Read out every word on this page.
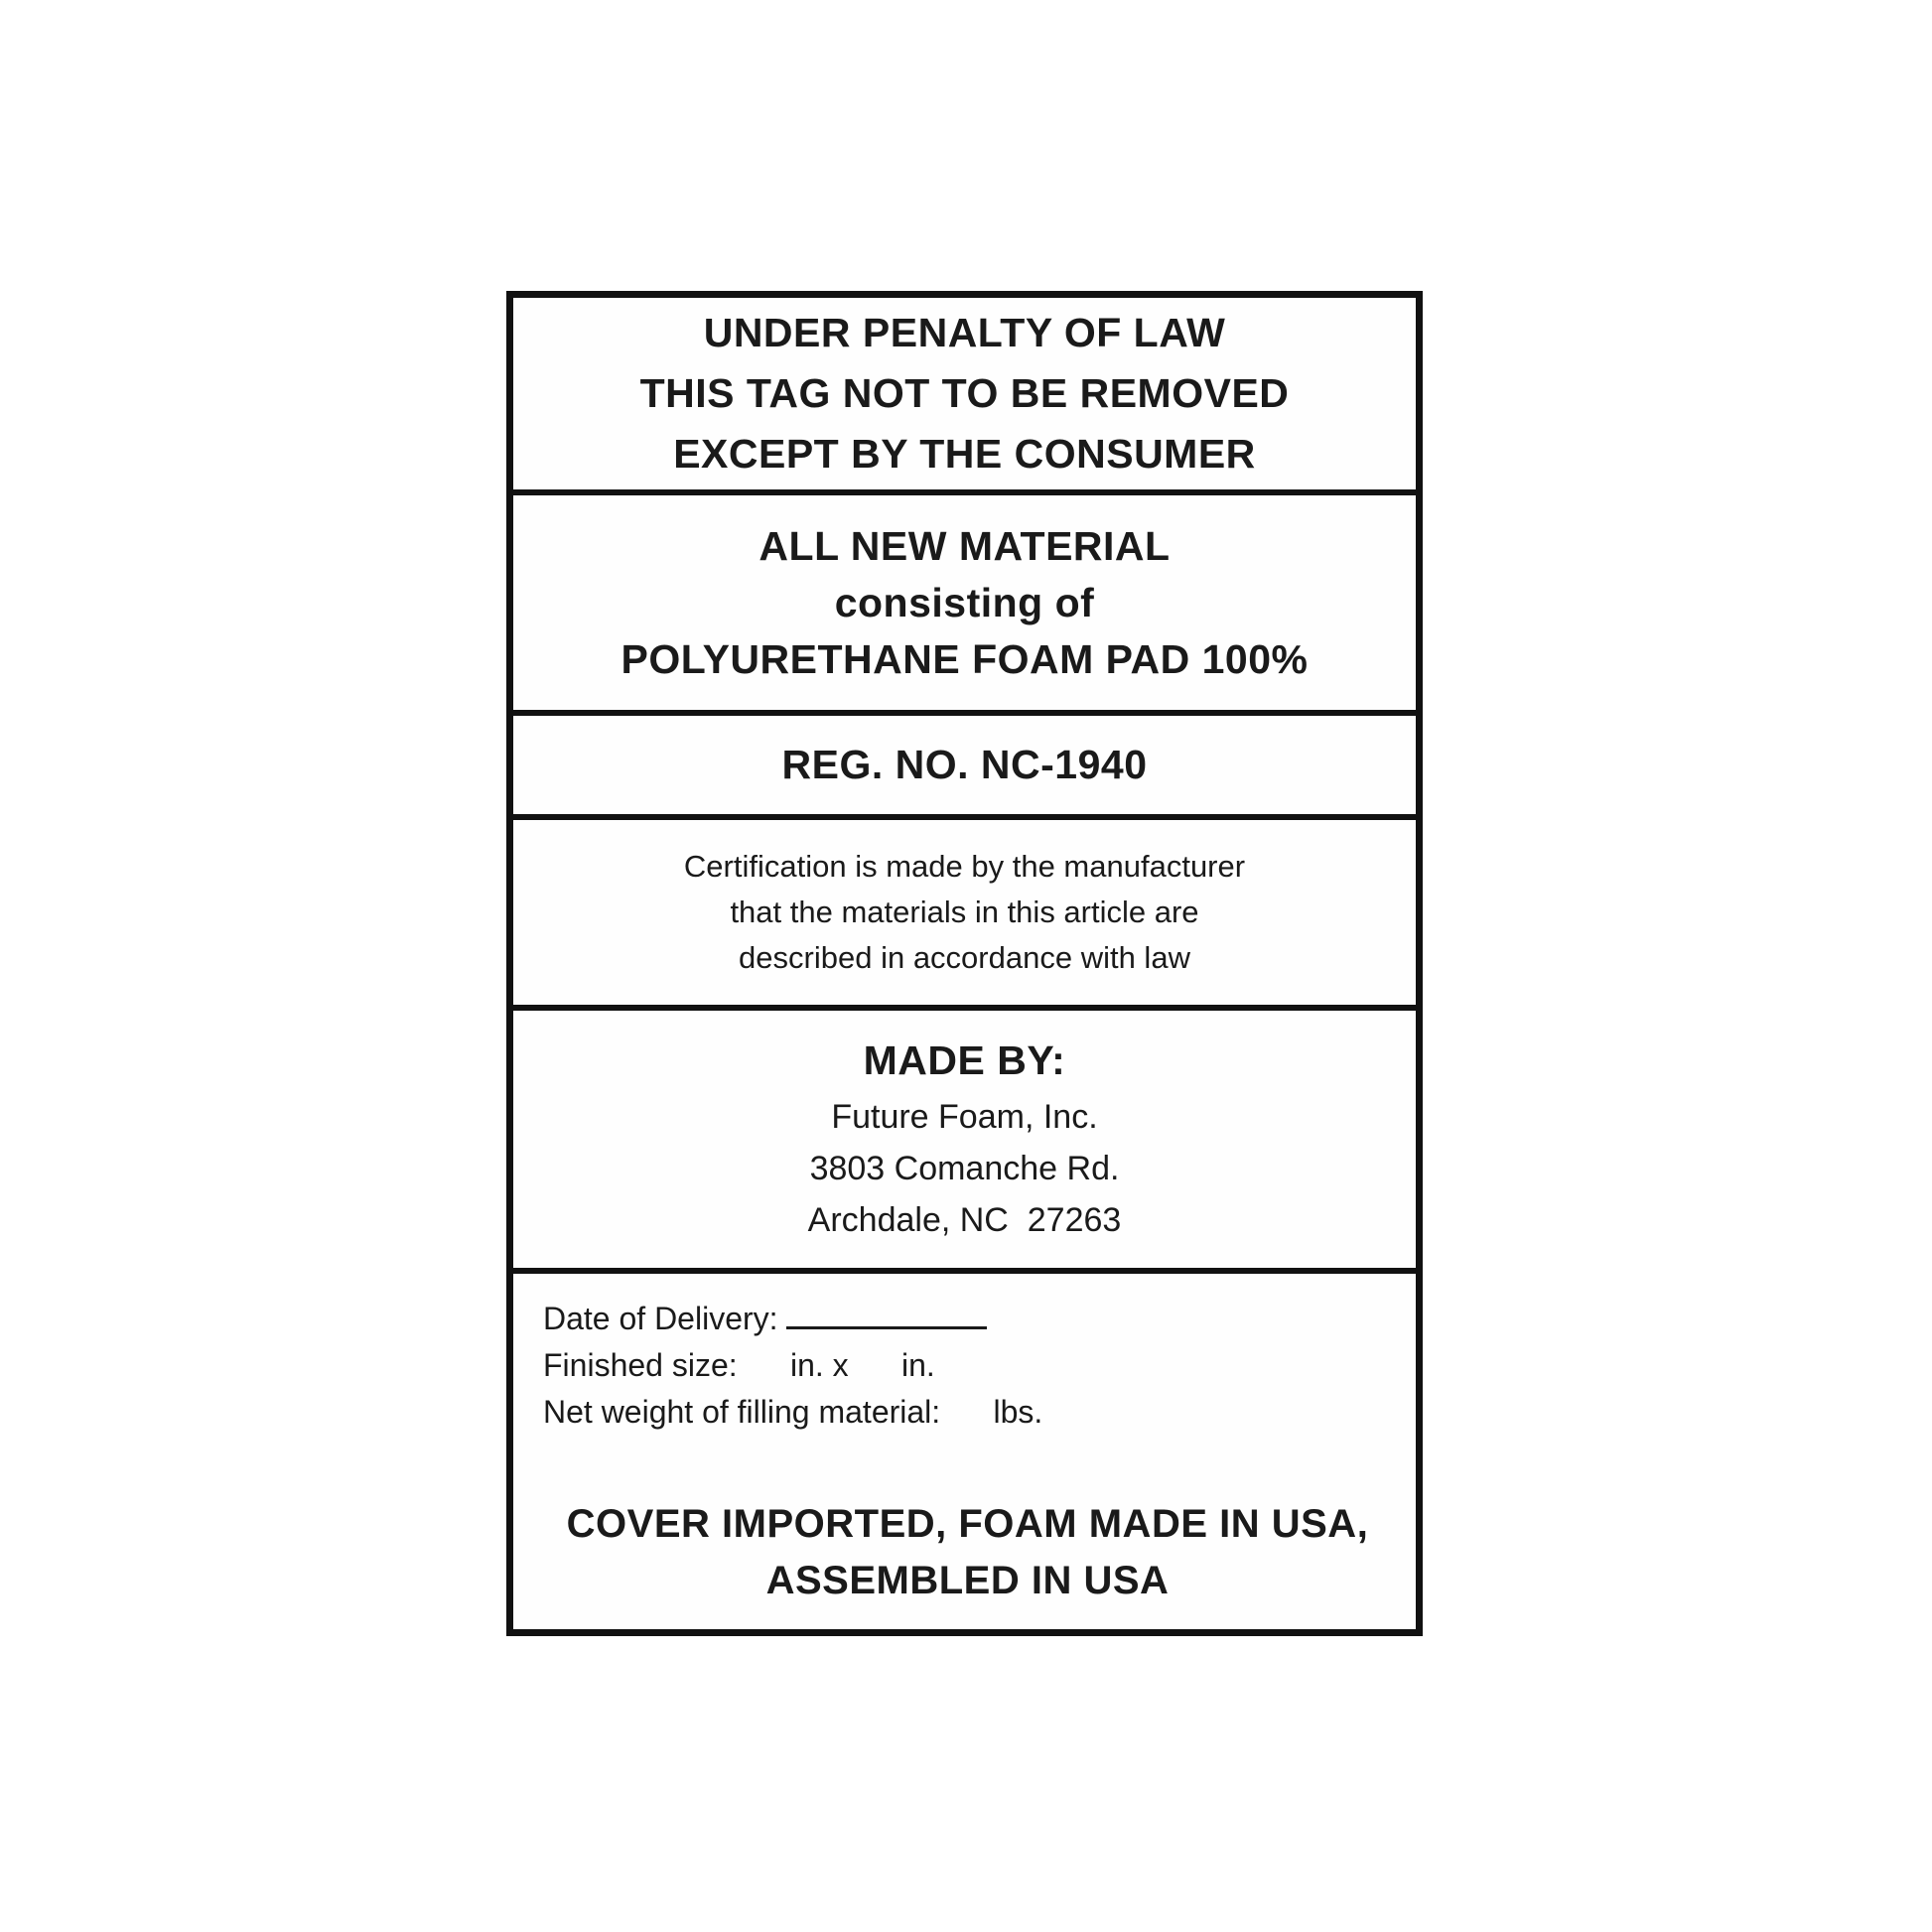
UNDER PENALTY OF LAW
THIS TAG NOT TO BE REMOVED
EXCEPT BY THE CONSUMER
ALL NEW MATERIAL
consisting of
POLYURETHANE FOAM PAD 100%
REG. NO. NC-1940
Certification is made by the manufacturer
that the materials in this article are
described in accordance with law
MADE BY:
Future Foam, Inc.
3803 Comanche Rd.
Archdale, NC  27263
Date of Delivery:
Finished size:      in. x      in.
Net weight of filling material:      lbs.
COVER IMPORTED, FOAM MADE IN USA,
ASSEMBLED IN USA
